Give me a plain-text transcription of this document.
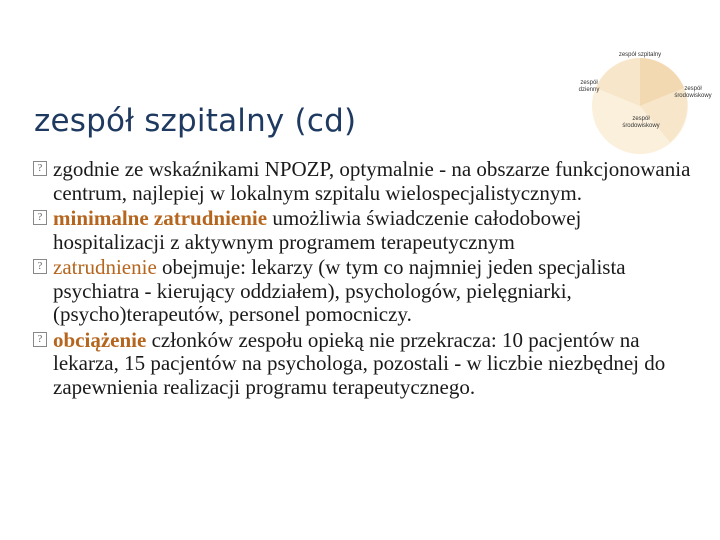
zespół szpitalny (cd)
zespół szpitalny
zespół dzienny	zespół środowiskowy
zespół środowiskowy
? zgodnie ze wskaźnikami NPOZP, optymalnie - na obszarze funkcjonowania centrum, najlepiej w lokalnym szpitalu wielospecjalistycznym.
? minimalne zatrudnienie umożliwia świadczenie całodobowej hospitalizacji z aktywnym programem terapeutycznym
? zatrudnienie obejmuje: lekarzy (w tym co najmniej jeden specjalista psychiatra - kierujący oddziałem), psychologów, pielęgniarki, (psycho)terapeutów, personel pomocniczy.
? obciążenie członków zespołu opieką nie przekracza: 10 pacjentów na lekarza, 15 pacjentów na psychologa, pozostali - w liczbie niezbędnej do zapewnienia realizacji programu terapeutycznego.
